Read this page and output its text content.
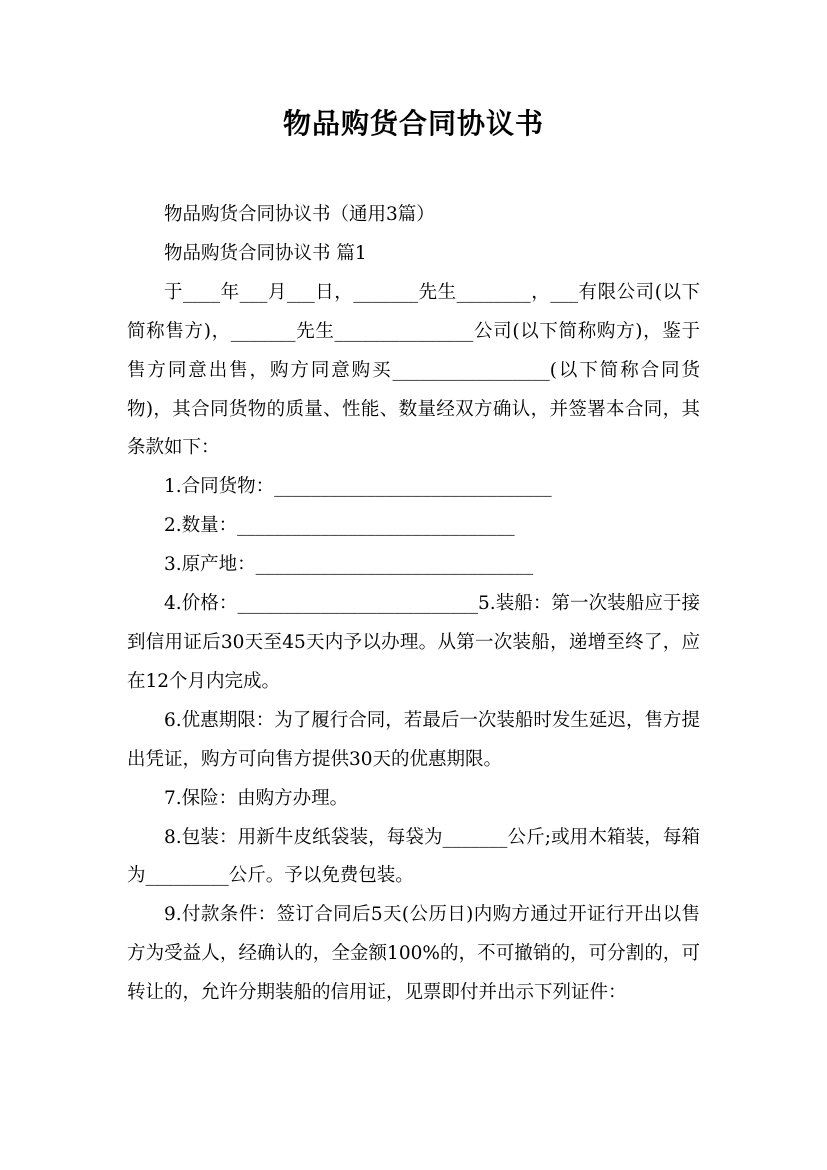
物品购货合同协议书

物品购货合同协议书（通用3篇）

物品购货合同协议书 篇1

于____年___月___日，_______先生________，___有限公司(以下简称售方)，_______先生_______________公司(以下简称购方)，鉴于售方同意出售，购方同意购买_________________(以下简称合同货物)，其合同货物的质量、性能、数量经双方确认，并签署本合同，其条款如下：

1.合同货物：______________________________

2.数量：______________________________

3.原产地：______________________________

4.价格：__________________________5.装船：第一次装船应于接到信用证后30天至45天内予以办理。从第一次装船，递增至终了，应在12个月内完成。

6.优惠期限：为了履行合同，若最后一次装船时发生延迟，售方提出凭证，购方可向售方提供30天的优惠期限。

7.保险：由购方办理。

8.包装：用新牛皮纸袋装，每袋为_______公斤;或用木箱装，每箱为_________公斤。予以免费包装。

9.付款条件：签订合同后5天(公历日)内购方通过开证行开出以售方为受益人，经确认的，全金额100%的，不可撤销的，可分割的，可转让的，允许分期装船的信用证，见票即付并出示下列证件：
